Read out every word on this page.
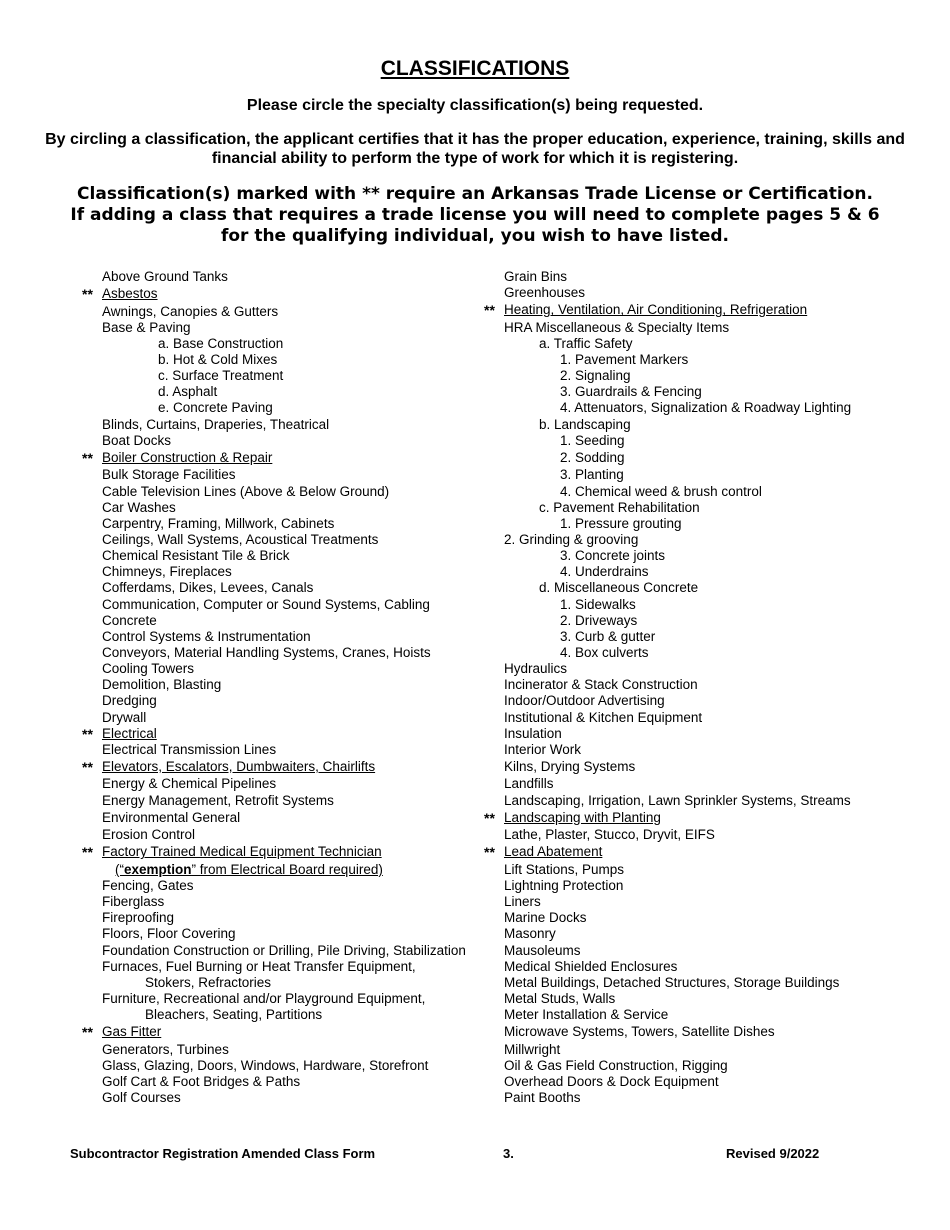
CLASSIFICATIONS
Please circle the specialty classification(s) being requested.
By circling a classification, the applicant certifies that it has the proper education, experience, training, skills and financial ability to perform the type of work for which it is registering.
Classification(s) marked with ** require an Arkansas Trade License or Certification.
If adding a class that requires a trade license you will need to complete pages 5 & 6 for the qualifying individual, you wish to have listed.
Above Ground Tanks
** Asbestos
Awnings, Canopies & Gutters
Base & Paving
a. Base Construction
b. Hot & Cold Mixes
c. Surface Treatment
d. Asphalt
e. Concrete Paving
Blinds, Curtains, Draperies, Theatrical
Boat Docks
** Boiler Construction & Repair
Bulk Storage Facilities
Cable Television Lines (Above & Below Ground)
Car Washes
Carpentry, Framing, Millwork, Cabinets
Ceilings, Wall Systems, Acoustical Treatments
Chemical Resistant Tile & Brick
Chimneys, Fireplaces
Cofferdams, Dikes, Levees, Canals
Communication, Computer or Sound Systems, Cabling
Concrete
Control Systems & Instrumentation
Conveyors, Material Handling Systems, Cranes, Hoists
Cooling Towers
Demolition, Blasting
Dredging
Drywall
** Electrical
Electrical Transmission Lines
** Elevators, Escalators, Dumbwaiters, Chairlifts
Energy & Chemical Pipelines
Energy Management, Retrofit Systems
Environmental General
Erosion Control
** Factory Trained Medical Equipment Technician
(“exemption” from Electrical Board required)
Fencing, Gates
Fiberglass
Fireproofing
Floors, Floor Covering
Foundation Construction or Drilling, Pile Driving, Stabilization
Furnaces, Fuel Burning or Heat Transfer Equipment,
Stokers, Refractories
Furniture, Recreational and/or Playground Equipment,
Bleachers, Seating, Partitions
** Gas Fitter
Generators, Turbines
Glass, Glazing, Doors, Windows, Hardware, Storefront
Golf Cart & Foot Bridges & Paths
Golf Courses
Grain Bins
Greenhouses
** Heating, Ventilation, Air Conditioning, Refrigeration
HRA Miscellaneous & Specialty Items
a. Traffic Safety
1. Pavement Markers
2. Signaling
3. Guardrails & Fencing
4. Attenuators, Signalization & Roadway Lighting
b. Landscaping
1. Seeding
2. Sodding
3. Planting
4. Chemical weed & brush control
c. Pavement Rehabilitation
1. Pressure grouting
2. Grinding & grooving
3. Concrete joints
4. Underdrains
d. Miscellaneous Concrete
1. Sidewalks
2. Driveways
3. Curb & gutter
4. Box culverts
Hydraulics
Incinerator & Stack Construction
Indoor/Outdoor Advertising
Institutional & Kitchen Equipment
Insulation
Interior Work
Kilns, Drying Systems
Landfills
Landscaping, Irrigation, Lawn Sprinkler Systems, Streams
** Landscaping with Planting
Lathe, Plaster, Stucco, Dryvit, EIFS
** Lead Abatement
Lift Stations, Pumps
Lightning Protection
Liners
Marine Docks
Masonry
Mausoleums
Medical Shielded Enclosures
Metal Buildings, Detached Structures, Storage Buildings
Metal Studs, Walls
Meter Installation & Service
Microwave Systems, Towers, Satellite Dishes
Millwright
Oil & Gas Field Construction, Rigging
Overhead Doors & Dock Equipment
Paint Booths
Subcontractor Registration Amended Class Form	3.	Revised 9/2022
